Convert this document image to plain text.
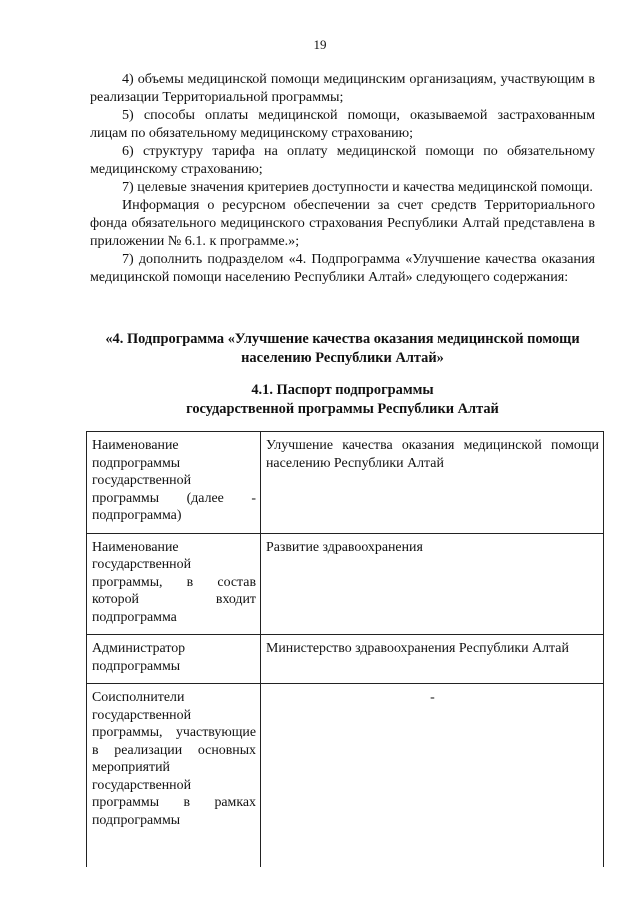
19

4) объемы медицинской помощи медицинским организациям, участвующим в реализации Территориальной программы;

5) способы оплаты медицинской помощи, оказываемой застрахованным лицам по обязательному медицинскому страхованию;

6) структуру тарифа на оплату медицинской помощи по обязательному медицинскому страхованию;

7) целевые значения критериев доступности и качества медицинской помощи.

Информация о ресурсном обеспечении за счет средств Территориального фонда обязательного медицинского страхования Республики Алтай представлена в приложении № 6.1. к программе.»;

7) дополнить подразделом «4. Подпрограмма «Улучшение качества оказания медицинской помощи населению Республики Алтай» следующего содержания:

«4. Подпрограмма «Улучшение качества оказания медицинской помощи населению Республики Алтай»
4.1. Паспорт подпрограммы
государственной программы Республики Алтай
Наименование подпрограммы государственной программы (далее - подпрограмма)	Улучшение качества оказания медицинской помощи населению Республики Алтай
Наименование государственной программы, в состав которой входит подпрограмма	Развитие здравоохранения
Администратор подпрограммы	Министерство здравоохранения Республики Алтай
Соисполнители государственной программы, участвующие в реализации основных мероприятий государственной программы в рамках подпрограммы	-
